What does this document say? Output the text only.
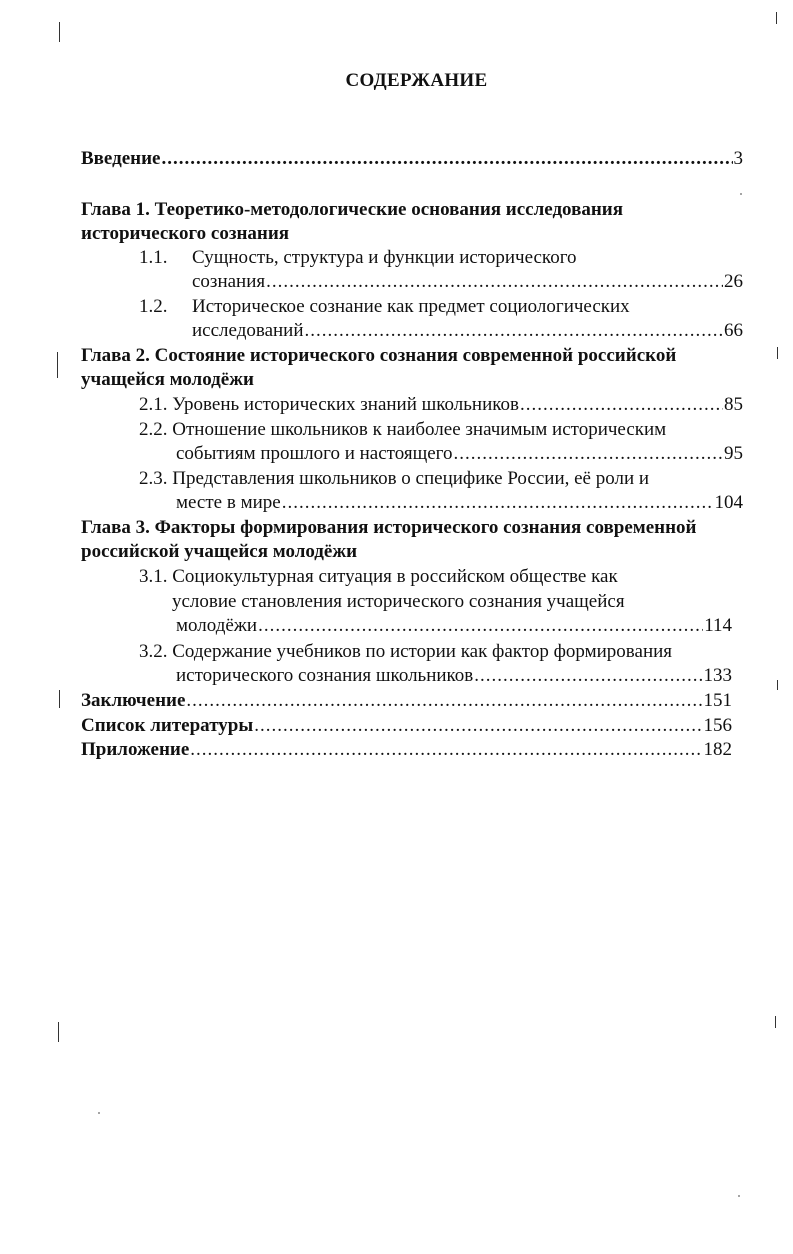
СОДЕРЖАНИЕ
Введение .....	3
Глава 1. Теоретико-методологические основания исследования
исторического сознания
1.1. Сущность, структура и функции исторического
сознания .....	26
1.2. Историческое сознание как предмет социологических
исследований .....	66
Глава 2. Состояние исторического сознания современной российской
учащейся молодёжи
2.1. Уровень исторических знаний школьников .....	85
2.2. Отношение школьников к наиболее значимым историческим
событиям прошлого и настоящего .....	95
2.3. Представления школьников о специфике России, её роли и
месте в мире .....	104
Глава 3. Факторы формирования исторического сознания современной
российской учащейся молодёжи
3.1. Социокультурная ситуация в российском обществе как
условие становления исторического сознания учащейся
молодёжи .....	114
3.2. Содержание учебников по истории как фактор формирования
исторического сознания школьников .....	133
Заключение .....	151
Список литературы .....	156
Приложение .....	182
